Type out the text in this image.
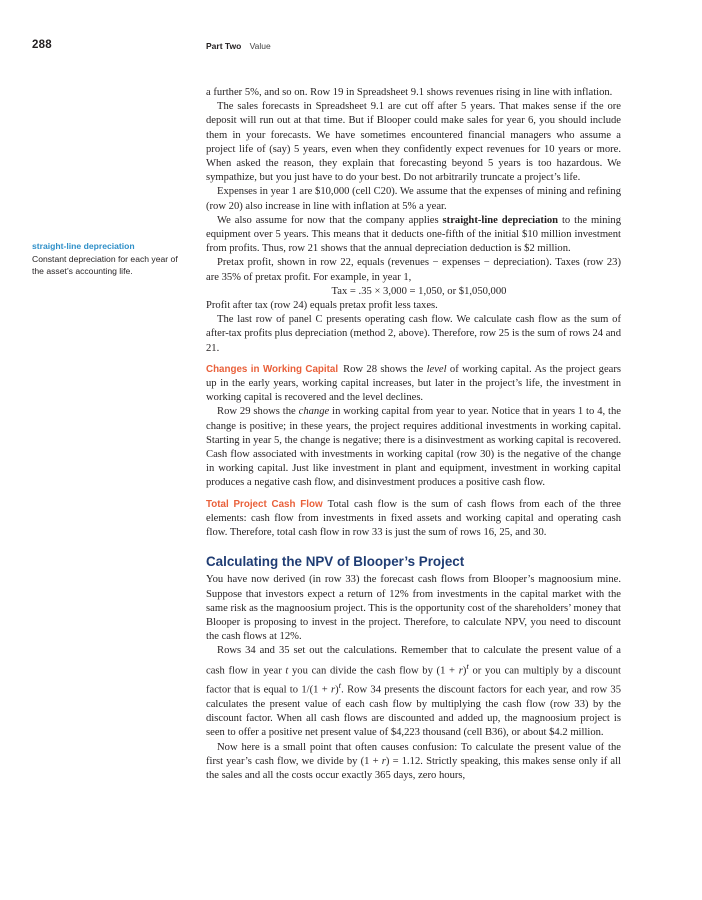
288	Part Two Value
straight-line depreciation
Constant depreciation for each year of the asset’s accounting life.

a further 5%, and so on. Row 19 in Spreadsheet 9.1 shows revenues rising in line with inflation.

The sales forecasts in Spreadsheet 9.1 are cut off after 5 years. That makes sense if the ore deposit will run out at that time. But if Blooper could make sales for year 6, you should include them in your forecasts. We have sometimes encountered financial managers who assume a project life of (say) 5 years, even when they confidently expect revenues for 10 years or more. When asked the reason, they explain that forecasting beyond 5 years is too hazardous. We sympathize, but you just have to do your best. Do not arbitrarily truncate a project’s life.

Expenses in year 1 are $10,000 (cell C20). We assume that the expenses of mining and refining (row 20) also increase in line with inflation at 5% a year.

We also assume for now that the company applies straight-line depreciation to the mining equipment over 5 years. This means that it deducts one-fifth of the initial $10 million investment from profits. Thus, row 21 shows that the annual depreciation deduction is $2 million.

Pretax profit, shown in row 22, equals (revenues − expenses − depreciation). Taxes (row 23) are 35% of pretax profit. For example, in year 1,

Tax = .35 × 3,000 = 1,050, or $1,050,000

Profit after tax (row 24) equals pretax profit less taxes.

The last row of panel C presents operating cash flow. We calculate cash flow as the sum of after-tax profits plus depreciation (method 2, above). Therefore, row 25 is the sum of rows 24 and 21.

Changes in Working Capital Row 28 shows the level of working capital. As the project gears up in the early years, working capital increases, but later in the project’s life, the investment in working capital is recovered and the level declines.

Row 29 shows the change in working capital from year to year. Notice that in years 1 to 4, the change is positive; in these years, the project requires additional investments in working capital. Starting in year 5, the change is negative; there is a disinvestment as working capital is recovered. Cash flow associated with investments in working capital (row 30) is the negative of the change in working capital. Just like investment in plant and equipment, investment in working capital produces a negative cash flow, and disinvestment produces a positive cash flow.

Total Project Cash Flow Total cash flow is the sum of cash flows from each of the three elements: cash flow from investments in fixed assets and working capital and operating cash flow. Therefore, total cash flow in row 33 is just the sum of rows 16, 25, and 30.

Calculating the NPV of Blooper’s Project

You have now derived (in row 33) the forecast cash flows from Blooper’s magnoosium mine. Suppose that investors expect a return of 12% from investments in the capital market with the same risk as the magnoosium project. This is the opportunity cost of the shareholders’ money that Blooper is proposing to invest in the project. Therefore, to calculate NPV, you need to discount the cash flows at 12%.

Rows 34 and 35 set out the calculations. Remember that to calculate the present value of a cash flow in year t you can divide the cash flow by $(1 + r)^t$ or you can multiply by a discount factor that is equal to $1/(1 + r)^t$. Row 34 presents the discount factors for each year, and row 35 calculates the present value of each cash flow by multiplying the cash flow (row 33) by the discount factor. When all cash flows are discounted and added up, the magnoosium project is seen to offer a positive net present value of $4,223 thousand (cell B36), or about $4.2 million.

Now here is a small point that often causes confusion: To calculate the present value of the first year’s cash flow, we divide by (1 + r) = 1.12. Strictly speaking, this makes sense only if all the sales and all the costs occur exactly 365 days, zero hours,
